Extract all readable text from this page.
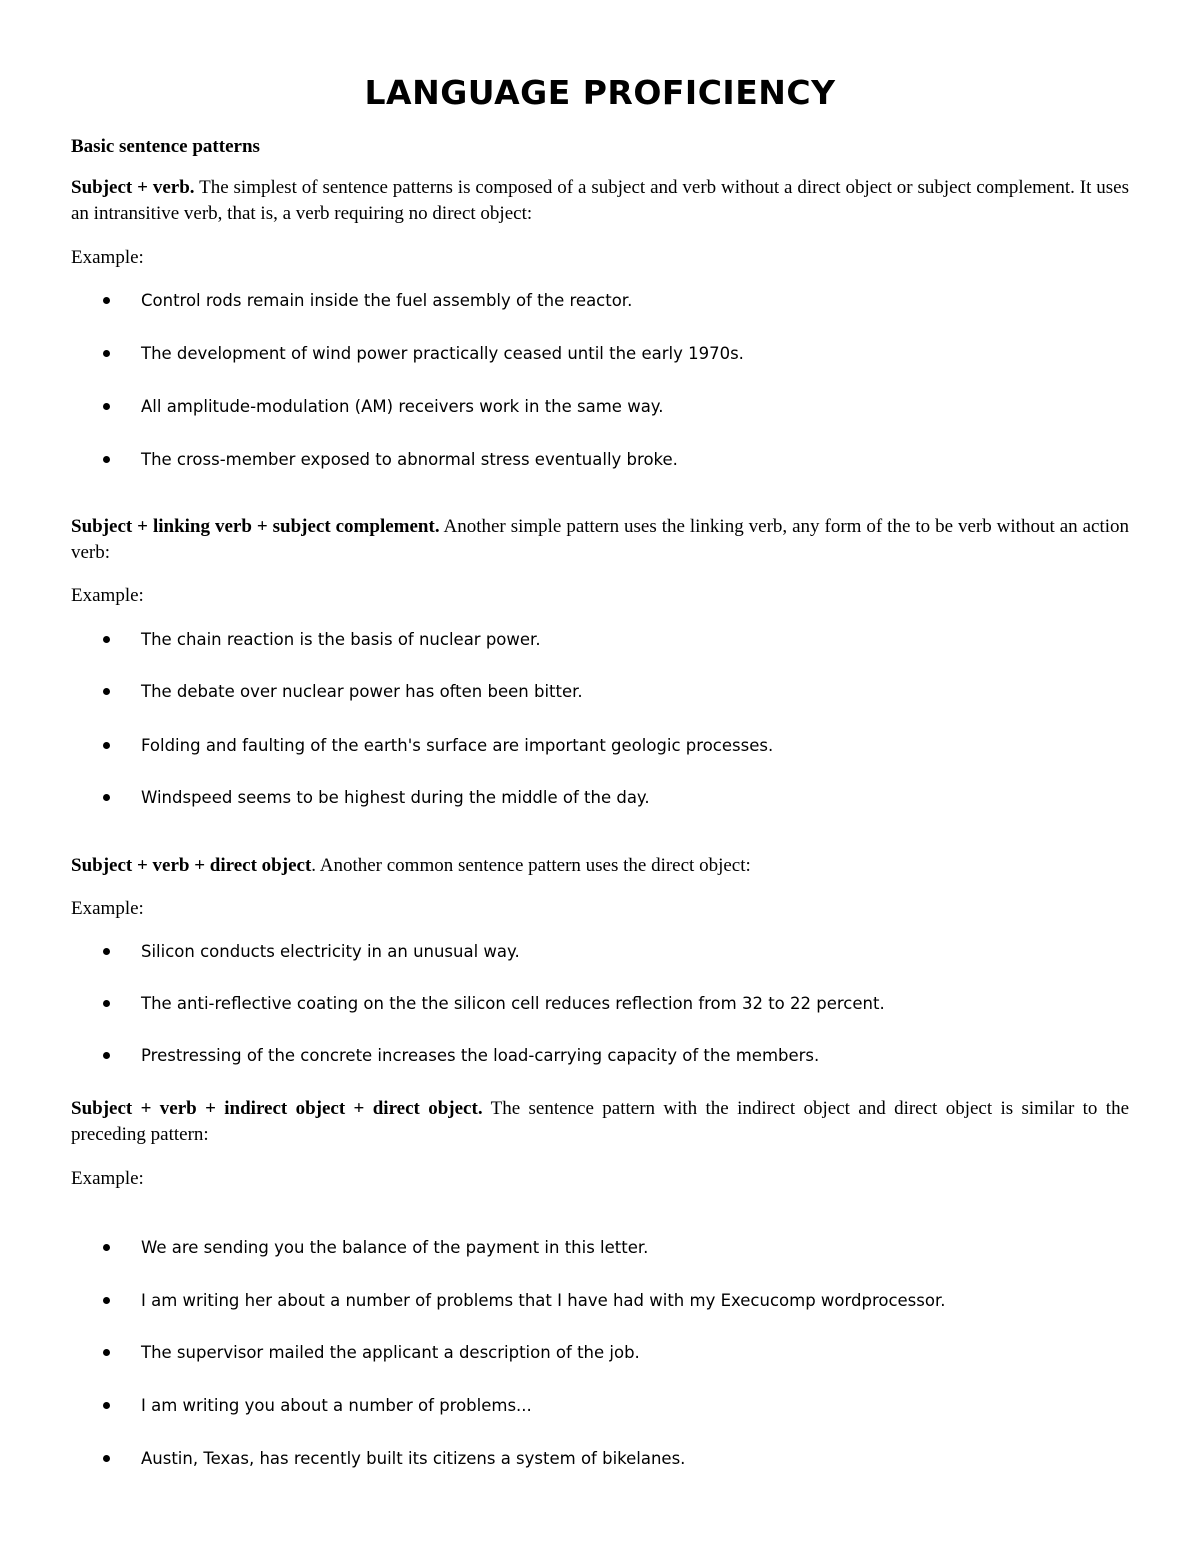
LANGUAGE PROFICIENCY
Basic sentence patterns
Subject + verb. The simplest of sentence patterns is composed of a subject and verb without a direct object or subject complement. It uses an intransitive verb, that is, a verb requiring no direct object:
Example:
Control rods remain inside the fuel assembly of the reactor.
The development of wind power practically ceased until the early 1970s.
All amplitude-modulation (AM) receivers work in the same way.
The cross-member exposed to abnormal stress eventually broke.
Subject + linking verb + subject complement. Another simple pattern uses the linking verb, any form of the to be verb without an action verb:
Example:
The chain reaction is the basis of nuclear power.
The debate over nuclear power has often been bitter.
Folding and faulting of the earth's surface are important geologic processes.
Windspeed seems to be highest during the middle of the day.
Subject + verb + direct object. Another common sentence pattern uses the direct object:
Example:
Silicon conducts electricity in an unusual way.
The anti-reflective coating on the the silicon cell reduces reflection from 32 to 22 percent.
Prestressing of the concrete increases the load-carrying capacity of the members.
Subject + verb + indirect object + direct object. The sentence pattern with the indirect object and direct object is similar to the preceding pattern:
Example:
We are sending you the balance of the payment in this letter.
I am writing her about a number of problems that I have had with my Execucomp wordprocessor.
The supervisor mailed the applicant a description of the job.
I am writing you about a number of problems...
Austin, Texas, has recently built its citizens a system of bikelanes.
